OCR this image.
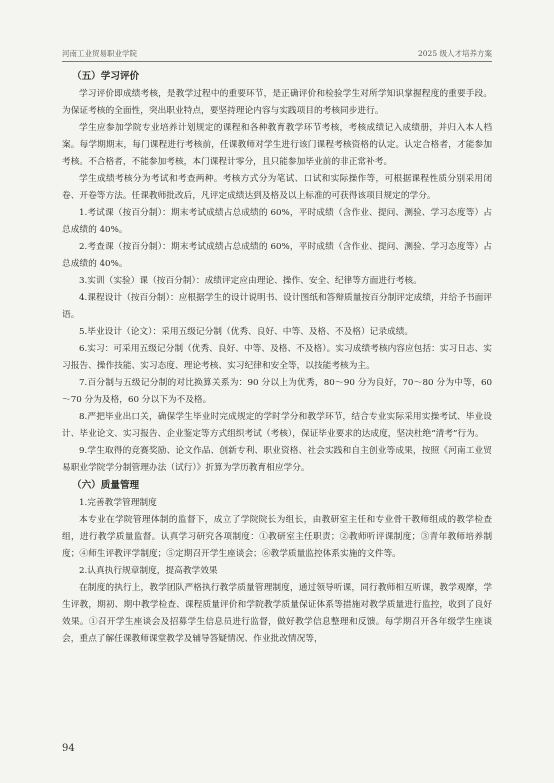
河南工业贸易职业学院	2025 级人才培养方案
（五）学习评价

学习评价即成绩考核，是教学过程中的重要环节，是正确评价和检验学生对所学知识掌握程度的重要手段。为保证考核的全面性，突出职业特点，要坚持理论内容与实践项目的考核同步进行。

学生应参加学院专业培养计划规定的课程和各种教育教学环节考核，考核成绩记入成绩册，并归入本人档案。每学期期末，每门课程进行考核前，任课教师对学生进行该门课程考核资格的认定。认定合格者，才能参加考核。不合格者，不能参加考核，本门课程计零分，且只能参加毕业前的非正常补考。

学生成绩考核分为考试和考查两种。考核方式分为笔试、口试和实际操作等，可根据课程性质分别采用闭卷、开卷等方法。任课教师批改后，凡评定成绩达到及格及以上标准的可获得该项目规定的学分。

1.考试课（按百分制）：期末考试成绩占总成绩的 60%，平时成绩（含作业、提问、测验、学习态度等）占总成绩的 40%。

2.考查课（按百分制）：期末考试成绩占总成绩的 60%，平时成绩（含作业、提问、测验、学习态度等）占总成绩的 40%。

3.实训（实验）课（按百分制）：成绩评定应由理论、操作、安全、纪律等方面进行考核。

4.课程设计（按百分制）：应根据学生的设计说明书、设计图纸和答辩质量按百分制评定成绩，并给予书面评语。

5.毕业设计（论文）：采用五级记分制（优秀、良好、中等、及格、不及格）记录成绩。

6.实习：可采用五级记分制（优秀、良好、中等、及格、不及格）。实习成绩考核内容应包括：实习日志、实习报告、操作技能、实习态度、理论考核、实习纪律和安全等，以技能考核为主。

7.百分制与五级记分制的对比换算关系为：90 分以上为优秀，80～90 分为良好，70～80 分为中等，60～70 分为及格，60 分以下为不及格。

8.严把毕业出口关，确保学生毕业时完成规定的学时学分和教学环节，结合专业实际采用实操考试、毕业设计、毕业论文、实习报告、企业鉴定等方式组织考试（考核），保证毕业要求的达成度，坚决杜绝“清考”行为。

9.学生取得的竞赛奖励、论文作品、创新专利、职业资格、社会实践和自主创业等成果，按照《河南工业贸易职业学院学分制管理办法（试行）》折算为学历教育相应学分。

（六）质量管理

1.完善教学管理制度

本专业在学院管理体制的监督下，成立了学院院长为组长，由教研室主任和专业骨干教师组成的教学检查组，进行教学质量监督。认真学习研究各项制度：①教研室主任职责；②教师听评课制度；③青年教师培养制度；④师生评教评学制度；⑤定期召开学生座谈会；⑥教学质量监控体系实施的文件等。

2.认真执行规章制度，提高教学效果

在制度的执行上，教学团队严格执行教学质量管理制度，通过领导听课，同行教师相互听课，教学观摩，学生评教，期初、期中教学检查、课程质量评价和学院教学质量保证体系等措施对教学质量进行监控，收到了良好效果。①召开学生座谈会及招募学生信息员进行监督，做好教学信息整理和反馈。每学期召开各年级学生座谈会，重点了解任课教师课堂教学及辅导答疑情况、作业批改情况等，

94
